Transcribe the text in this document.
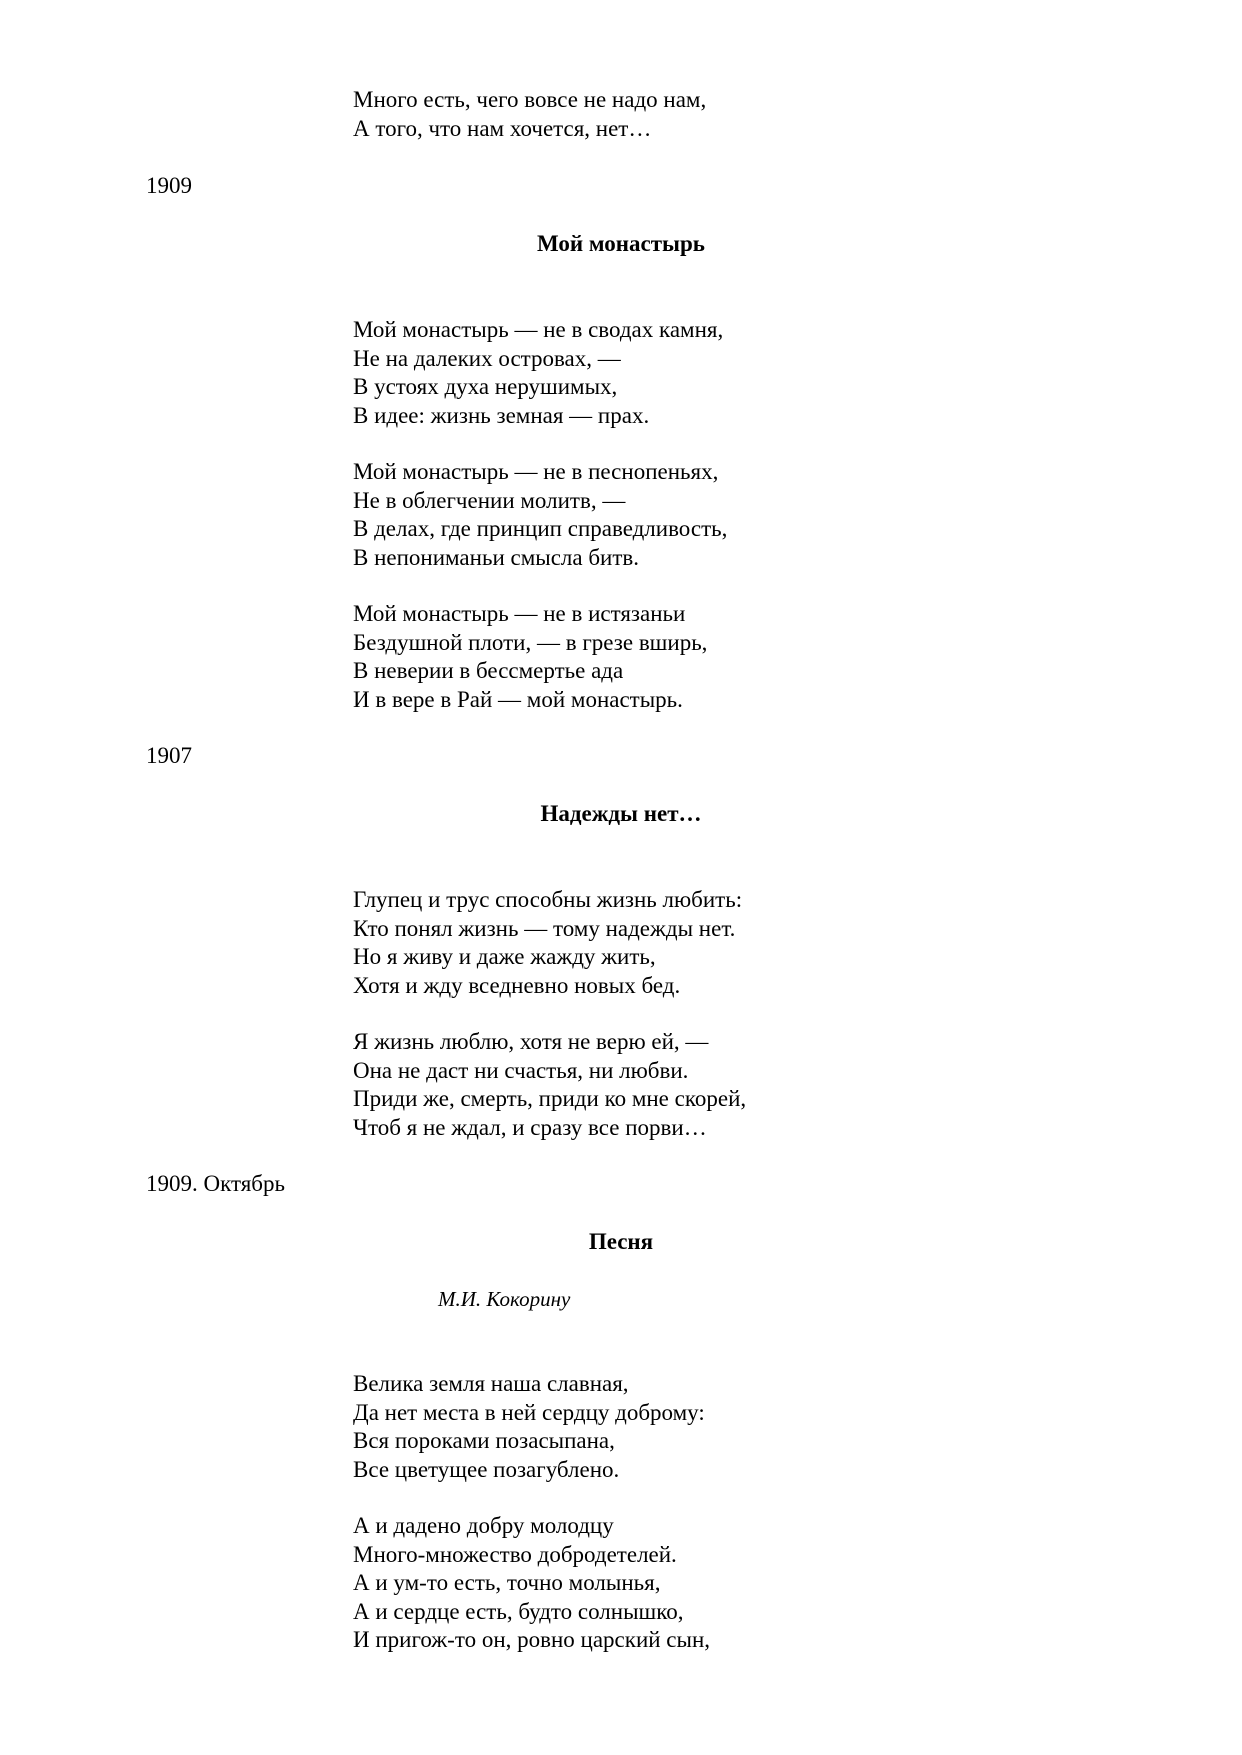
Много есть, чего вовсе не надо нам,
А того, что нам хочется, нет…
1909
Мой монастырь
Мой монастырь — не в сводах камня,
Не на далеких островах, —
В устоях духа нерушимых,
В идее: жизнь земная — прах.
Мой монастырь — не в песнопеньях,
Не в облегчении молитв, —
В делах, где принцип справедливость,
В непониманьи смысла битв.
Мой монастырь — не в истязаньи
Бездушной плоти, — в грезе вширь,
В неверии в бессмертье ада
И в вере в Рай — мой монастырь.
1907
Надежды нет…
Глупец и трус способны жизнь любить:
Кто понял жизнь — тому надежды нет.
Но я живу и даже жажду жить,
Хотя и жду вседневно новых бед.
Я жизнь люблю, хотя не верю ей, —
Она не даст ни счастья, ни любви.
Приди же, смерть, приди ко мне скорей,
Чтоб я не ждал, и сразу все порви…
1909. Октябрь
Песня
М.И. Кокорину
Велика земля наша славная,
Да нет места в ней сердцу доброму:
Вся пороками позасыпана,
Все цветущее позагублено.
А и дадено добру молодцу
Много-множество добродетелей.
А и ум-то есть, точно молынья,
А и сердце есть, будто солнышко,
И пригож-то он, ровно царский сын,
